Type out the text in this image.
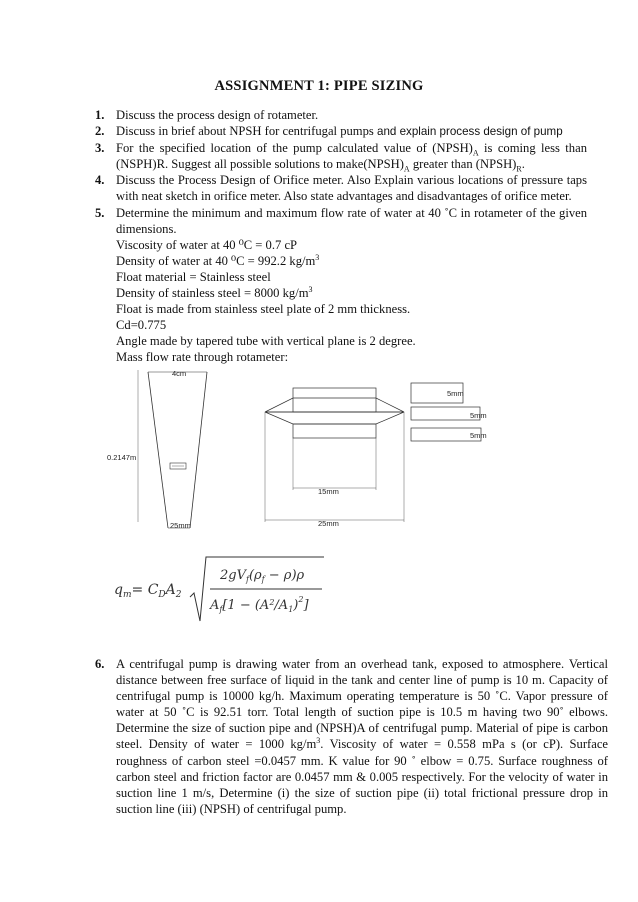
ASSIGNMENT 1: PIPE SIZING
1. Discuss the process design of rotameter.
2. Discuss in brief about NPSH for centrifugal pumps and explain process design of pump
3. For the specified location of the pump calculated value of $(NPSH)_A$ is coming less than (NSPH)R. Suggest all possible solutions to $make(NPSH)_A$ greater than $(NPSH)_R$.
4. Discuss the Process Design of Orifice meter. Also Explain various locations of pressure taps with neat sketch in orifice meter. Also state advantages and disadvantages of orifice meter.
5. Determine the minimum and maximum flow rate of water at 40 ˚C in rotameter of the given dimensions.
Viscosity of water at 40 ⁰C = 0.7 cP
Density of water at 40 ⁰C = 992.2 $kg/m^3$
Float material = Stainless steel
Density of stainless steel = 8000 $kg/m^3$
Float is made from stainless steel plate of 2 mm thickness.
Cd=0.775
Angle made by tapered tube with vertical plane is 2 degree.
Mass flow rate through rotameter:
4cm
0.2147m
25mm
15mm
25mm
5mm
5mm
5mm
$q_m= C_DA_2$
$2gV_f(\rho_f - \rho)\rho$
$A_f[1 - (A^2/A_1)^2]$
6. A centrifugal pump is drawing water from an overhead tank, exposed to atmosphere. Vertical distance between free surface of liquid in the tank and center line of pump is 10 m. Capacity of centrifugal pump is 10000 kg/h. Maximum operating temperature is 50 ˚C. Vapor pressure of water at 50 ˚C is 92.51 torr. Total length of suction pipe is 10.5 m having two 90˚ elbows. Determine the size of suction pipe and (NPSH)A of centrifugal pump. Material of pipe is carbon steel. Density of water = 1000 $kg/m^3$. Viscosity of water = 0.558 mPa s (or cP). Surface roughness of carbon steel =0.0457 mm. K value for 90 ˚ elbow = 0.75. Surface roughness of carbon steel and friction factor are 0.0457 mm & 0.005 respectively. For the velocity of water in suction line 1 m/s, Determine (i) the size of suction pipe (ii) total frictional pressure drop in suction line (iii) (NPSH) of centrifugal pump.
